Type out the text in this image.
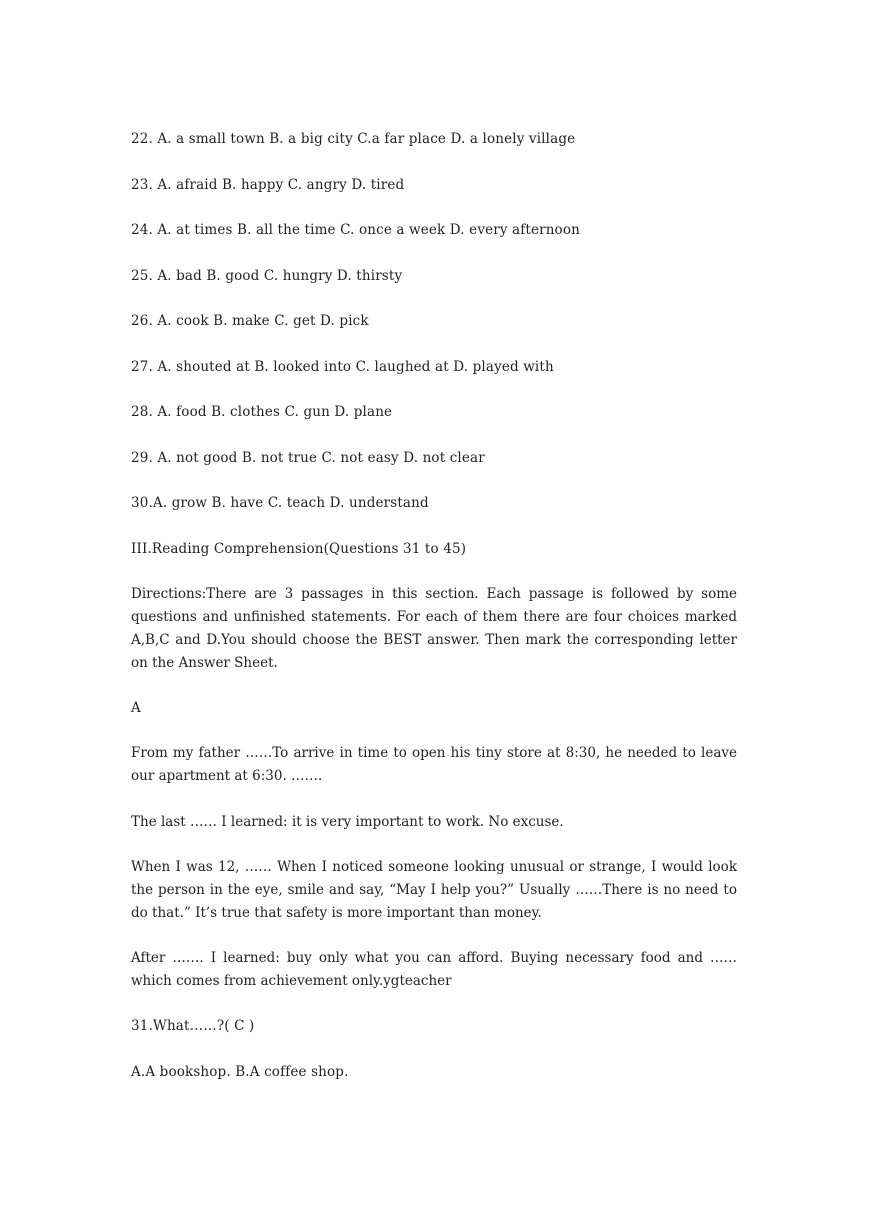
22. A. a small town B. a big city C.a far place D. a lonely village
23. A. afraid B. happy C. angry D. tired
24. A. at times B. all the time C. once a week D. every afternoon
25. A. bad B. good C. hungry D. thirsty
26. A. cook B. make C. get D. pick
27. A. shouted at B. looked into C. laughed at D. played with
28. A. food B. clothes C. gun D. plane
29. A. not good B. not true C. not easy D. not clear
30.A. grow B. have C. teach D. understand
III.Reading Comprehension(Questions 31 to 45)
Directions:There are 3 passages in this section. Each passage is followed by some questions and unfinished statements. For each of them there are four choices marked A,B,C and D.You should choose the BEST answer. Then mark the corresponding letter on the Answer Sheet.
A
From my father ……To arrive in time to open his tiny store at 8:30, he needed to leave our apartment at 6:30. …….
The last …… I learned: it is very important to work. No excuse.
When I was 12, …… When I noticed someone looking unusual or strange, I would look the person in the eye, smile and say, “May I help you?” Usually ……There is no need to do that.” It’s true that safety is more important than money.
After ……. I learned: buy only what you can afford. Buying necessary food and ……which comes from achievement only.ygteacher
31.What……?( C )
A.A bookshop. B.A coffee shop.
